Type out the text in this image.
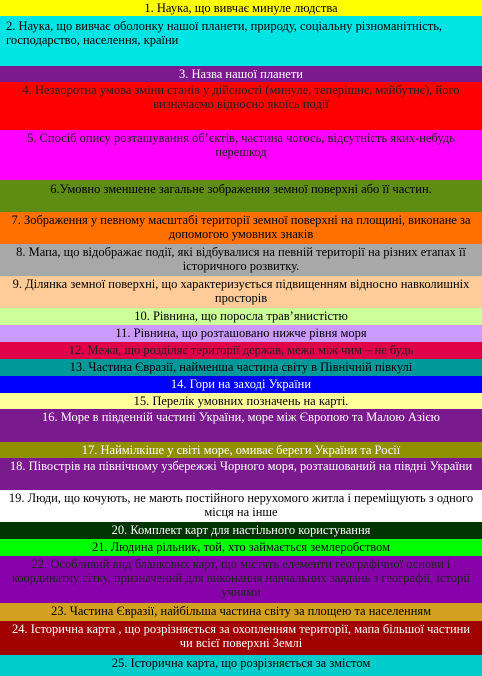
1. Наука, що вивчає минуле людства
2. Наука, що вивчає оболонку нашої планети, природу, соціальну різноманітність, господарство, населення, країни
3. Назва нашої планети
4. Незворотна умова зміни станів у дійсності (минуле, теперішнє, майбутнє), його визначаємо відносно якоїсь події
5. Спосіб опису розташування об’єктів, частина чогось, відсутність яких-небудь перешкод
6.Умовно зменшене загальне зображення земної поверхні або її частин.
7. Зображення у певному масштабі території земної поверхні на площині, виконане за допомогою умовних знаків
8. Мапа, що відображає події, які відбувалися на певній території на різних етапах її історичного розвитку.
9. Ділянка земної поверхні, що характеризується підвищенням відносно навколишніх просторів
10. Рівнина, що поросла трав’янистістю
11. Рівнина, що розташовано нижче рівня моря
12. Межа, що розділяє території держав, межа між чим – не будь
13. Частина Євразії, найменша частина світу в Північній півкулі
14. Гори на заході України
15. Перелік умовних позначень на карті.
16. Море в південній частині України, море між Європою та Малою Азією
17. Наймілкіше у світі море, омиває береги України та Росії
18. Півострів на північному узбережжі Чорного моря, розташований на півдні України
19. Люди, що кочують, не мають постійного нерухомого житла і переміщують з одного місця на інше
20. Комплект карт для настільного користування
21. Людина рільник, той, хто займається землеробством
22. Особливий вид бланкових карт, що містять елементи географічної основи і координатну сітку, призначений для виконання навчальних завдань з географії, історії учнями
23. Частина Євразії, найбільша частина світу за площею та населенням
24. Історична карта , що розрізняється за охопленням території, мапа більшої частини чи всієї поверхні Землі
25. Історична карта, що розрізняється за змістом
